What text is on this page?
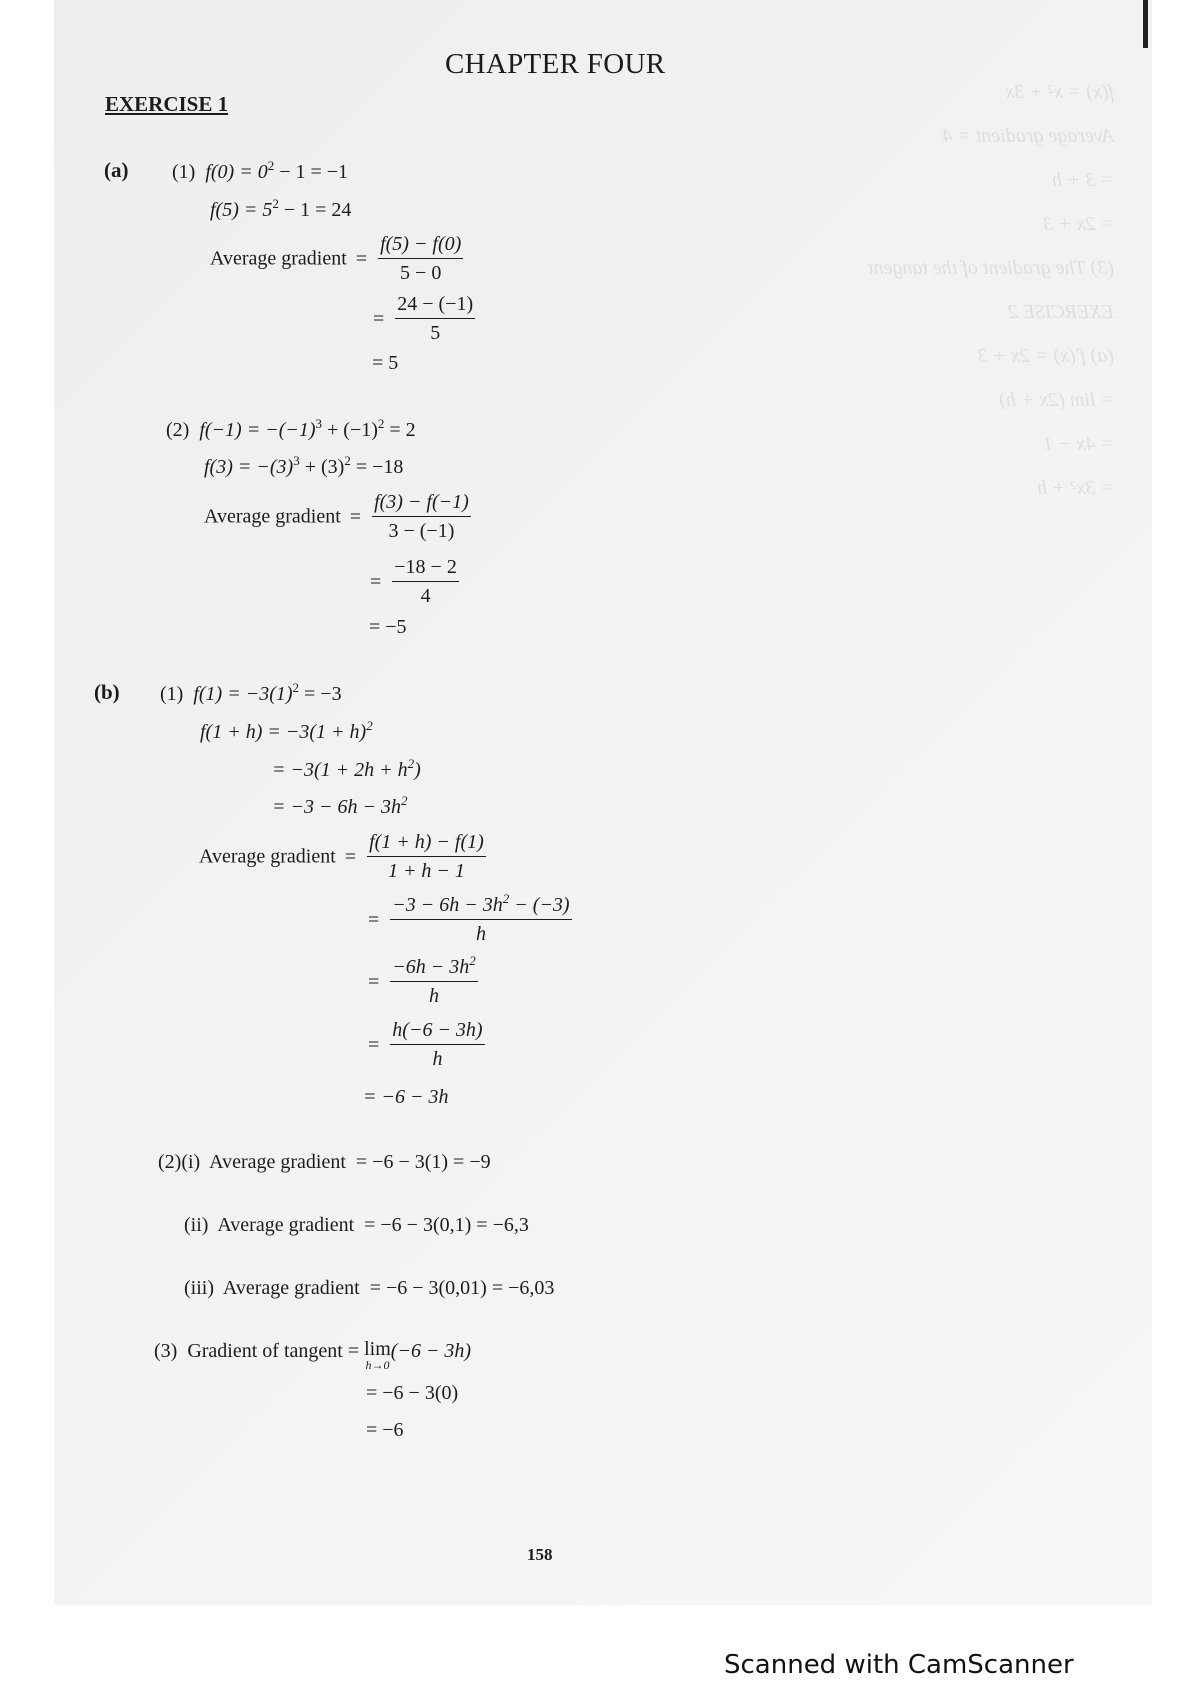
f(x) = x² + 3x
Average gradient = 4
= 3 + h
= 2x + 3
(3) The gradient of the tangent
EXERCISE 2
(a) f′(x) = 2x + 3
= lim (2x + h)
= 4x − 1
= 3x² + h
CHAPTER FOUR
EXERCISE 1
(a) (1) $f(0) = 0^2 - 1 = -1$
$f(5) = 5^2 - 1 = 24$
Average gradient = $\frac{f(5) - f(0)}{5 - 0}$
= $\frac{24 - (-1)}{5}$
= 5
(2) $f(-1) = -(-1)^3 + (-1)^2 = 2$
$f(3) = -(3)^3 + (3)^2 = -18$
Average gradient = $\frac{f(3) - f(-1)}{3 - (-1)}$
= $\frac{-18 - 2}{4}$
= −5
(b) (1) $f(1) = -3(1)^2 = -3$
$f(1 + h) = -3(1 + h)^2$
= $-3(1 + 2h + h^2)$
= $-3 - 6h - 3h^2$
Average gradient = $\frac{f(1 + h) - f(1)}{1 + h - 1}$
= $\frac{-3 - 6h - 3h^2 - (-3)}{h}$
= $\frac{-6h - 3h^2}{h}$
= $\frac{h(-6 - 3h)}{h}$
= −6 − 3h
(2)(i) Average gradient = −6 − 3(1) = −9
(ii) Average gradient = −6 − 3(0,1) = −6,3
(iii) Average gradient = −6 − 3(0,01) = −6,03
(3) Gradient of tangent = lim
h→0
(−6 − 3h)
= −6 − 3(0)
= −6
158
Scanned with CamScanner
